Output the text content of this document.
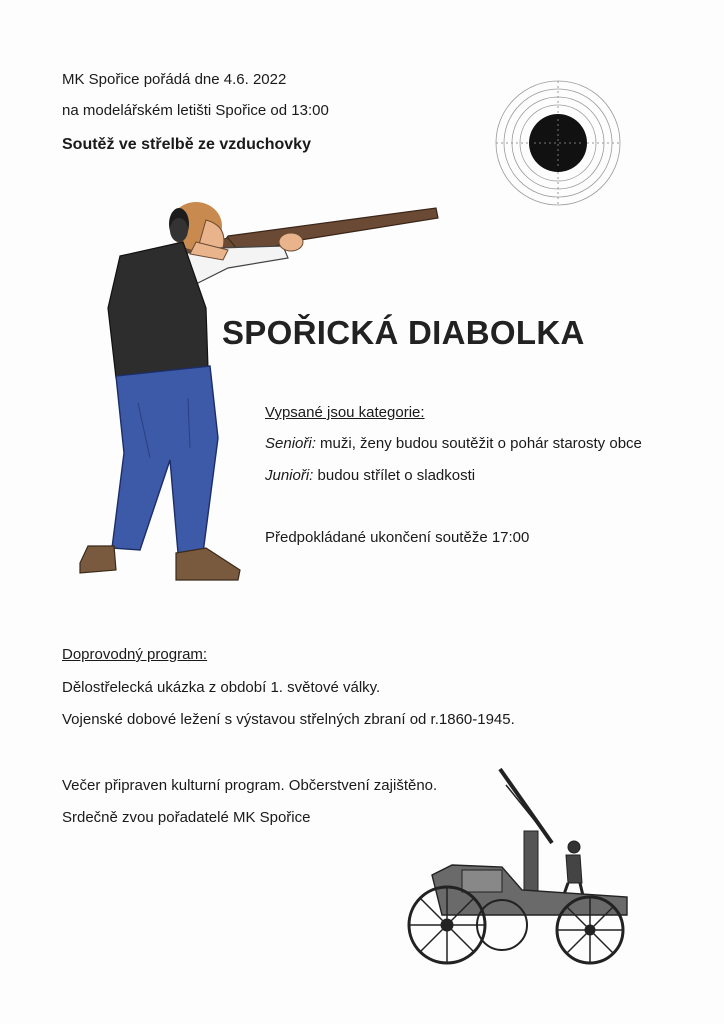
MK Spořice pořádá dne 4.6. 2022
na modelářském letišti Spořice od 13:00
Soutěž ve střelbě ze vzduchovky
SPOŘICKÁ DIABOLKA
Vypsané jsou kategorie:
Senioři: muži, ženy budou soutěžit o pohár starosty obce
Junioři: budou střílet o sladkosti
Předpokládané ukončení soutěže 17:00
Doprovodný program:
Dělostřelecká ukázka z období 1. světové války.
Vojenské dobové ležení s výstavou střelných zbraní od r.1860-1945.
Večer připraven kulturní program. Občerstvení zajištěno.
Srdečně zvou pořadatelé MK Spořice
